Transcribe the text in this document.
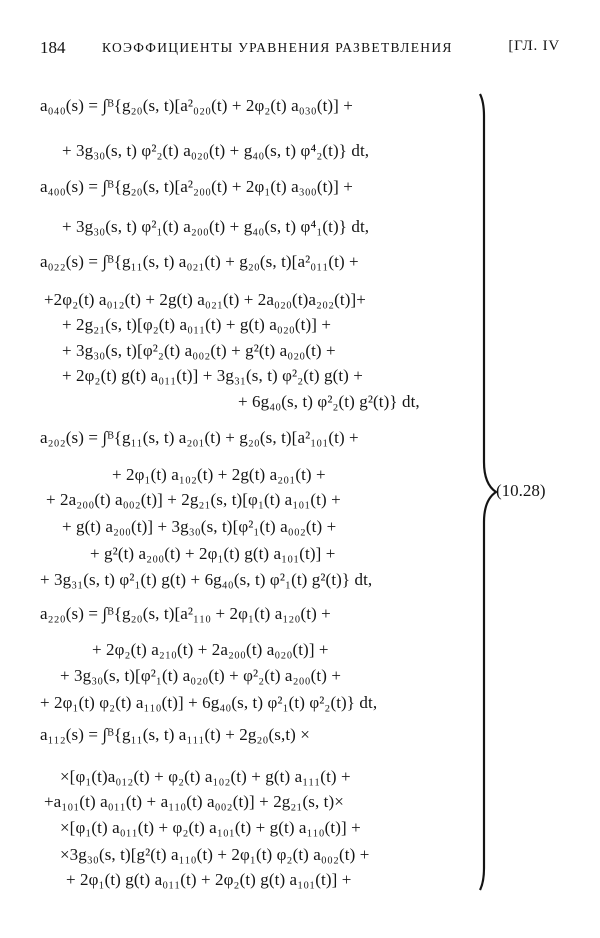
184	КОЭФФИЦИЕНТЫ УРАВНЕНИЯ РАЗВЕТВЛЕНИЯ	[ГЛ. IV
a₀₄₀(s) = ∫ᴮ{g₂₀(s, t)[a²₀₂₀(t) + 2φ₂(t) a₀₃₀(t)] +
+ 3g₃₀(s, t) φ²₂(t) a₀₂₀(t) + g₄₀(s, t) φ⁴₂(t)} dt,
a₄₀₀(s) = ∫ᴮ{g₂₀(s, t)[a²₂₀₀(t) + 2φ₁(t) a₃₀₀(t)] +
+ 3g₃₀(s, t) φ²₁(t) a₂₀₀(t) + g₄₀(s, t) φ⁴₁(t)} dt,
a₀₂₂(s) = ∫ᴮ{g₁₁(s, t) a₀₂₁(t) + g₂₀(s, t)[a²₀₁₁(t) +
+2φ₂(t) a₀₁₂(t) + 2g(t) a₀₂₁(t) + 2a₀₂₀(t)a₂₀₂(t)]+
+ 2g₂₁(s, t)[φ₂(t) a₀₁₁(t) + g(t) a₀₂₀(t)] +
+ 3g₃₀(s, t)[φ²₂(t) a₀₀₂(t) + g²(t) a₀₂₀(t) +
+ 2φ₂(t) g(t) a₀₁₁(t)] + 3g₃₁(s, t) φ²₂(t) g(t) +
+ 6g₄₀(s, t) φ²₂(t) g²(t)} dt,
a₂₀₂(s) = ∫ᴮ{g₁₁(s, t) a₂₀₁(t) + g₂₀(s, t)[a²₁₀₁(t) +
+ 2φ₁(t) a₁₀₂(t) + 2g(t) a₂₀₁(t) +
+ 2a₂₀₀(t) a₀₀₂(t)] + 2g₂₁(s, t)[φ₁(t) a₁₀₁(t) +
+ g(t) a₂₀₀(t)] + 3g₃₀(s, t)[φ²₁(t) a₀₀₂(t) +
+ g²(t) a₂₀₀(t) + 2φ₁(t) g(t) a₁₀₁(t)] +
+ 3g₃₁(s, t) φ²₁(t) g(t) + 6g₄₀(s, t) φ²₁(t) g²(t)} dt,
a₂₂₀(s) = ∫ᴮ{g₂₀(s, t)[a²₁₁₀ + 2φ₁(t) a₁₂₀(t) +
+ 2φ₂(t) a₂₁₀(t) + 2a₂₀₀(t) a₀₂₀(t)] +
+ 3g₃₀(s, t)[φ²₁(t) a₀₂₀(t) + φ²₂(t) a₂₀₀(t) +
+ 2φ₁(t) φ₂(t) a₁₁₀(t)] + 6g₄₀(s, t) φ²₁(t) φ²₂(t)} dt,
a₁₁₂(s) = ∫ᴮ{g₁₁(s, t) a₁₁₁(t) + 2g₂₀(s,t) ×
×[φ₁(t)a₀₁₂(t) + φ₂(t) a₁₀₂(t) + g(t) a₁₁₁(t) +
+a₁₀₁(t) a₀₁₁(t) + a₁₁₀(t) a₀₀₂(t)] + 2g₂₁(s, t)×
×[φ₁(t) a₀₁₁(t) + φ₂(t) a₁₀₁(t) + g(t) a₁₁₀(t)] +
×3g₃₀(s, t)[g²(t) a₁₁₀(t) + 2φ₁(t) φ₂(t) a₀₀₂(t) +
+ 2φ₁(t) g(t) a₀₁₁(t) + 2φ₂(t) g(t) a₁₀₁(t)] +
(10.28)
